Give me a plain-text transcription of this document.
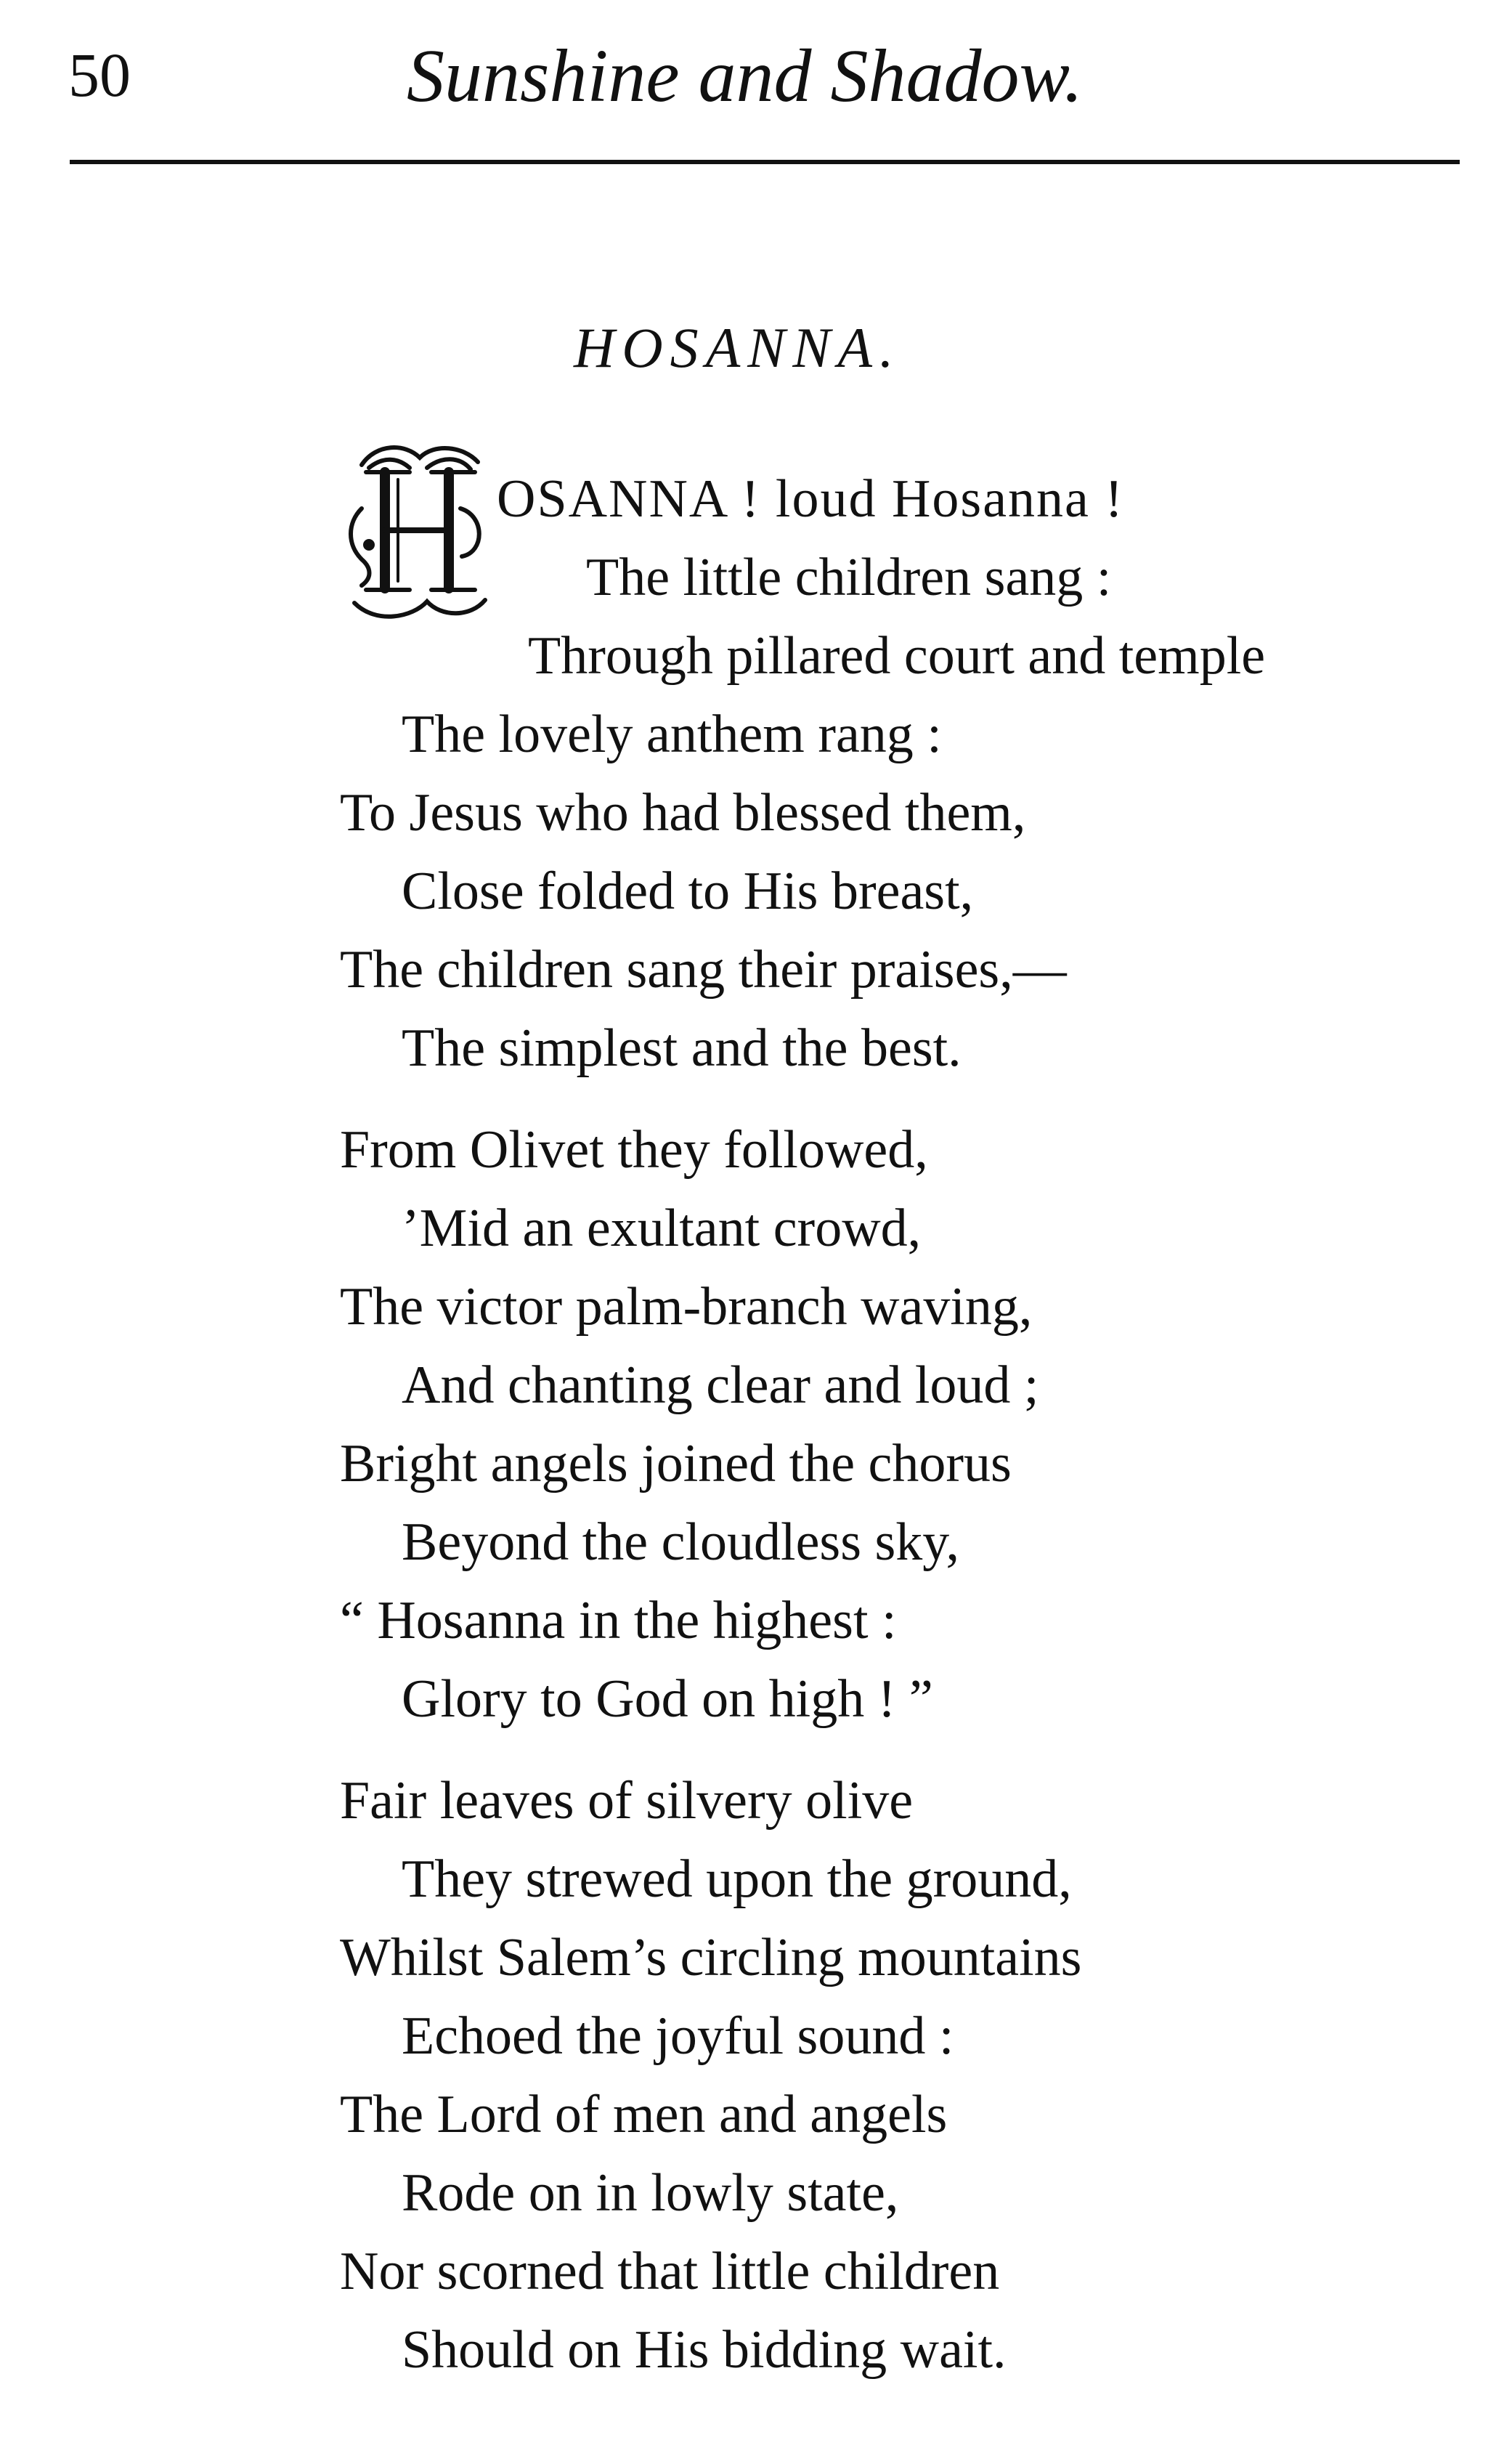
50	Sunshine and Shadow.
HOSANNA.
OSANNA ! loud Hosanna !
The little children sang :
Through pillared court and temple
The lovely anthem rang :
To Jesus who had blessed them,
Close folded to His breast,
The children sang their praises,—
The simplest and the best.
From Olivet they followed,
’Mid an exultant crowd,
The victor palm-branch waving,
And chanting clear and loud ;
Bright angels joined the chorus
Beyond the cloudless sky,
“ Hosanna in the highest :
Glory to God on high ! ”
Fair leaves of silvery olive
They strewed upon the ground,
Whilst Salem’s circling mountains
Echoed the joyful sound :
The Lord of men and angels
Rode on in lowly state,
Nor scorned that little children
Should on His bidding wait.
